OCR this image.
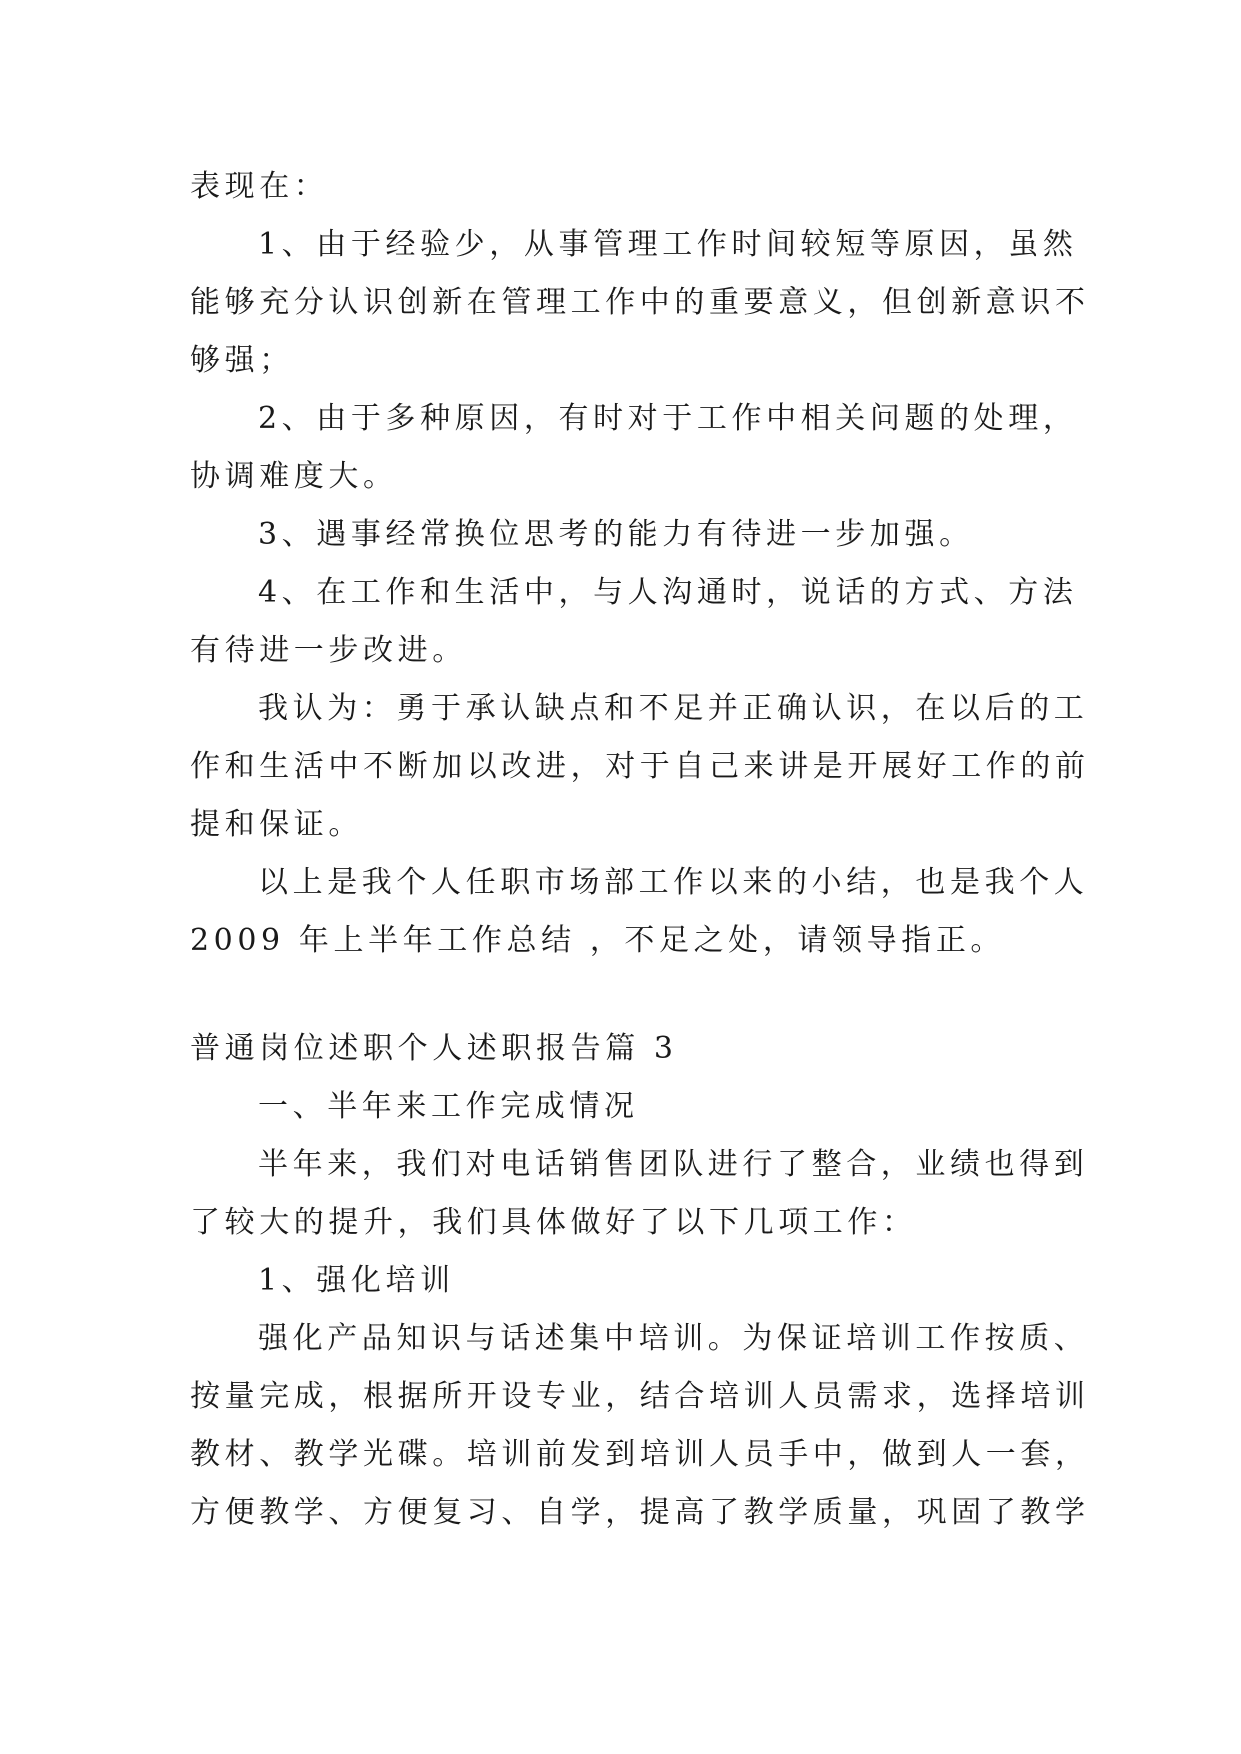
表现在：
1、由于经验少，从事管理工作时间较短等原因，虽然
能够充分认识创新在管理工作中的重要意义，但创新意识不
够强；
2、由于多种原因，有时对于工作中相关问题的处理，
协调难度大。
3、遇事经常换位思考的能力有待进一步加强。
4、在工作和生活中，与人沟通时，说话的方式、方法
有待进一步改进。
我认为：勇于承认缺点和不足并正确认识，在以后的工
作和生活中不断加以改进，对于自己来讲是开展好工作的前
提和保证。
以上是我个人任职市场部工作以来的小结，也是我个人
2009 年上半年工作总结 ，不足之处，请领导指正。
普通岗位述职个人述职报告篇 3
一、半年来工作完成情况
半年来，我们对电话销售团队进行了整合，业绩也得到
了较大的提升，我们具体做好了以下几项工作：
1、强化培训
强化产品知识与话述集中培训。为保证培训工作按质、
按量完成，根据所开设专业，结合培训人员需求，选择培训
教材、教学光碟。培训前发到培训人员手中，做到人一套，
方便教学、方便复习、自学，提高了教学质量，巩固了教学
